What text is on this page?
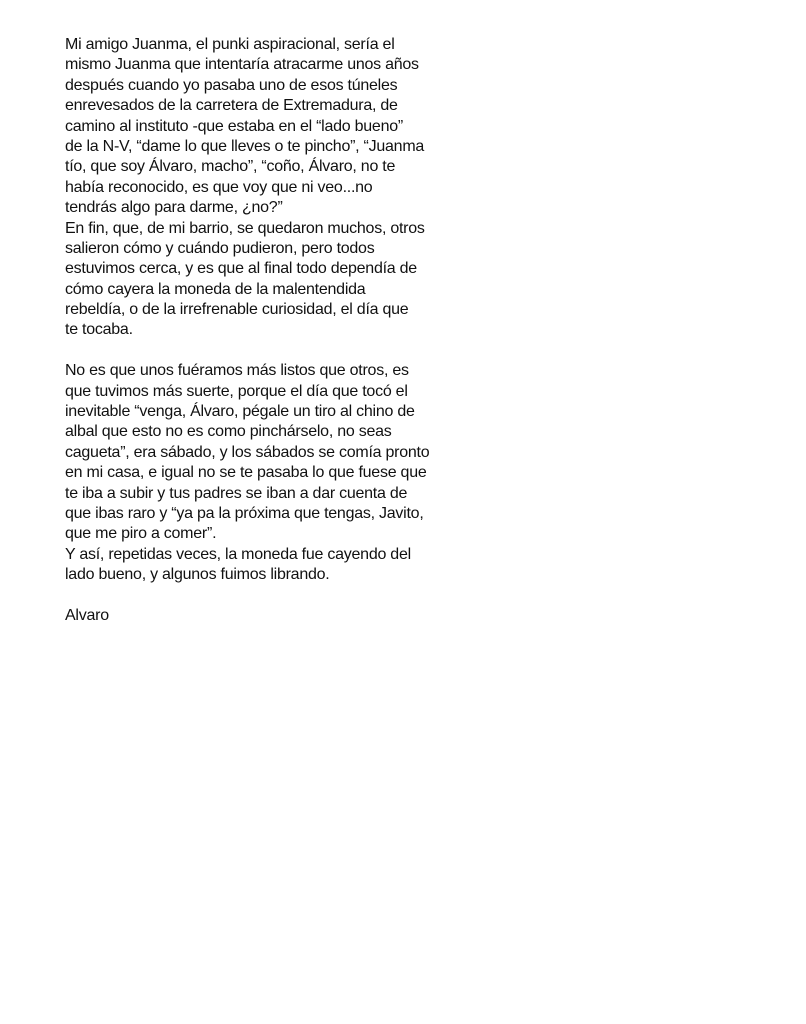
Mi amigo Juanma, el punki aspiracional, sería el
mismo Juanma que intentaría atracarme unos años
después cuando yo pasaba uno de esos túneles
enrevesados de la carretera de Extremadura, de
camino al instituto -que estaba en el “lado bueno”
de la N-V, “dame lo que lleves o te pincho”, “Juanma
tío, que soy Álvaro, macho”, “coño, Álvaro, no te
había reconocido, es que voy que ni veo...no
tendrás algo para darme, ¿no?”
En fin, que, de mi barrio, se quedaron muchos, otros
salieron cómo y cuándo pudieron, pero todos
estuvimos cerca, y es que al final todo dependía de
cómo cayera la moneda de la malentendida
rebeldía, o de la irrefrenable curiosidad, el día que
te tocaba.
No es que unos fuéramos más listos que otros, es
que tuvimos más suerte, porque el día que tocó el
inevitable “venga, Álvaro, pégale un tiro al chino de
albal que esto no es como pinchárselo, no seas
cagueta”, era sábado, y los sábados se comía pronto
en mi casa, e igual no se te pasaba lo que fuese que
te iba a subir y tus padres se iban a dar cuenta de
que ibas raro y “ya pa la próxima que tengas, Javito,
que me piro a comer”.
Y así, repetidas veces, la moneda fue cayendo del
lado bueno, y algunos fuimos librando.
Alvaro
